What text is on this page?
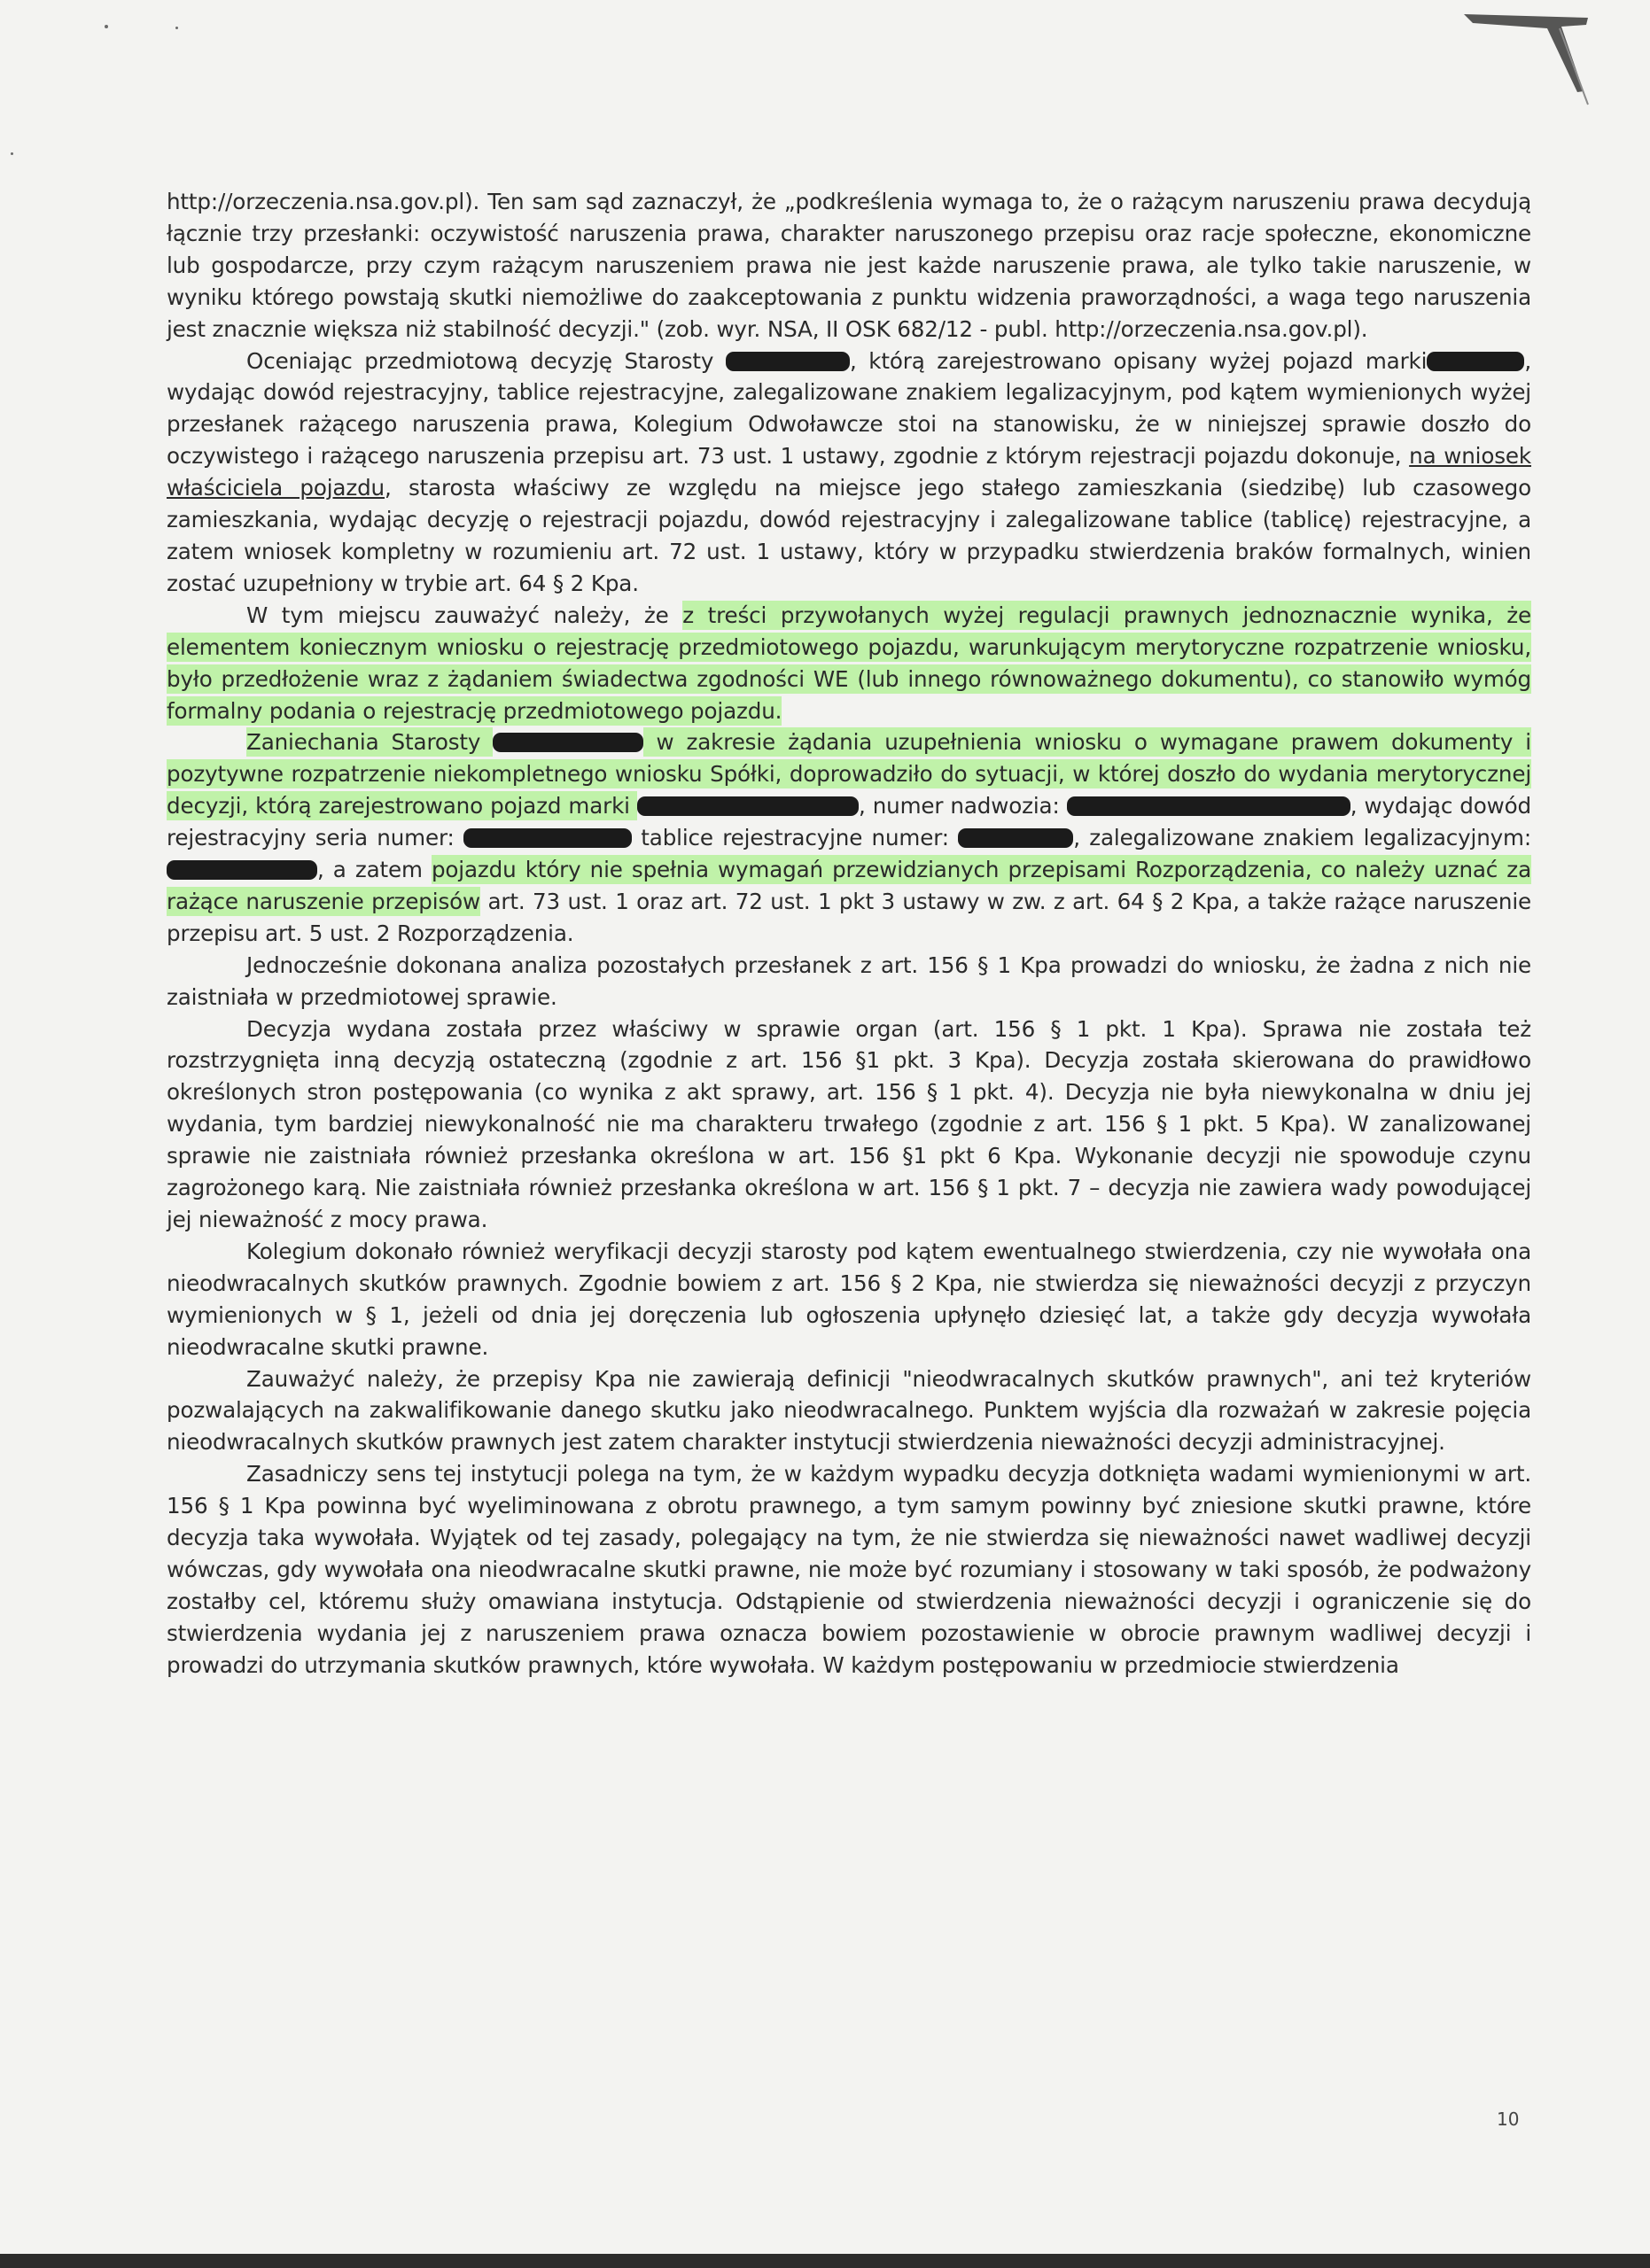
http://orzeczenia.nsa.gov.pl). Ten sam sąd zaznaczył, że „podkreślenia wymaga to, że o rażącym naruszeniu prawa decydują łącznie trzy przesłanki: oczywistość naruszenia prawa, charakter naruszonego przepisu oraz racje społeczne, ekonomiczne lub gospodarcze, przy czym rażącym naruszeniem prawa nie jest każde naruszenie prawa, ale tylko takie naruszenie, w wyniku którego powstają skutki niemożliwe do zaakceptowania z punktu widzenia praworządności, a waga tego naruszenia jest znacznie większa niż stabilność decyzji." (zob. wyr. NSA, II OSK 682/12 - publ. http://orzeczenia.nsa.gov.pl).

Oceniając przedmiotową decyzję Starosty	, którą zarejestrowano opisany wyżej pojazd marki	, wydając dowód rejestracyjny, tablice rejestracyjne, zalegalizowane znakiem legalizacyjnym, pod kątem wymienionych wyżej przesłanek rażącego naruszenia prawa, Kolegium Odwoławcze stoi na stanowisku, że w niniejszej sprawie doszło do oczywistego i rażącego naruszenia przepisu art. 73 ust. 1 ustawy, zgodnie z którym rejestracji pojazdu dokonuje, na wniosek właściciela pojazdu, starosta właściwy ze względu na miejsce jego stałego zamieszkania (siedzibę) lub czasowego zamieszkania, wydając decyzję o rejestracji pojazdu, dowód rejestracyjny i zalegalizowane tablice (tablicę) rejestracyjne, a zatem wniosek kompletny w rozumieniu art. 72 ust. 1 ustawy, który w przypadku stwierdzenia braków formalnych, winien zostać uzupełniony w trybie art. 64 § 2 Kpa.

W tym miejscu zauważyć należy, że z treści przywołanych wyżej regulacji prawnych jednoznacznie wynika, że elementem koniecznym wniosku o rejestrację przedmiotowego pojazdu, warunkującym merytoryczne rozpatrzenie wniosku, było przedłożenie wraz z żądaniem świadectwa zgodności WE (lub innego równoważnego dokumentu), co stanowiło wymóg formalny podania o rejestrację przedmiotowego pojazdu.

Zaniechania Starosty	w zakresie żądania uzupełnienia wniosku o wymagane prawem dokumenty i pozytywne rozpatrzenie niekompletnego wniosku Spółki, doprowadziło do sytuacji, w której doszło do wydania merytorycznej decyzji, którą zarejestrowano pojazd marki	, numer nadwozia:	, wydając dowód rejestracyjny seria numer:	tablice rejestracyjne numer:	, zalegalizowane znakiem legalizacyjnym: , a zatem pojazdu który nie spełnia wymagań przewidzianych przepisami Rozporządzenia, co należy uznać za rażące naruszenie przepisów art. 73 ust. 1 oraz art. 72 ust. 1 pkt 3 ustawy w zw. z art. 64 § 2 Kpa, a także rażące naruszenie przepisu art. 5 ust. 2 Rozporządzenia.

Jednocześnie dokonana analiza pozostałych przesłanek z art. 156 § 1 Kpa prowadzi do wniosku, że żadna z nich nie zaistniała w przedmiotowej sprawie.

Decyzja wydana została przez właściwy w sprawie organ (art. 156 § 1 pkt. 1 Kpa). Sprawa nie została też rozstrzygnięta inną decyzją ostateczną (zgodnie z art. 156 §1 pkt. 3 Kpa). Decyzja została skierowana do prawidłowo określonych stron postępowania (co wynika z akt sprawy, art. 156 § 1 pkt. 4). Decyzja nie była niewykonalna w dniu jej wydania, tym bardziej niewykonalność nie ma charakteru trwałego (zgodnie z art. 156 § 1 pkt. 5 Kpa). W zanalizowanej sprawie nie zaistniała również przesłanka określona w art. 156 §1 pkt 6 Kpa. Wykonanie decyzji nie spowoduje czynu zagrożonego karą. Nie zaistniała również przesłanka określona w art. 156 § 1 pkt. 7 – decyzja nie zawiera wady powodującej jej nieważność z mocy prawa.

Kolegium dokonało również weryfikacji decyzji starosty pod kątem ewentualnego stwierdzenia, czy nie wywołała ona nieodwracalnych skutków prawnych. Zgodnie bowiem z art. 156 § 2 Kpa, nie stwierdza się nieważności decyzji z przyczyn wymienionych w § 1, jeżeli od dnia jej doręczenia lub ogłoszenia upłynęło dziesięć lat, a także gdy decyzja wywołała nieodwracalne skutki prawne.

Zauważyć należy, że przepisy Kpa nie zawierają definicji "nieodwracalnych skutków prawnych", ani też kryteriów pozwalających na zakwalifikowanie danego skutku jako nieodwracalnego. Punktem wyjścia dla rozważań w zakresie pojęcia nieodwracalnych skutków prawnych jest zatem charakter instytucji stwierdzenia nieważności decyzji administracyjnej.

Zasadniczy sens tej instytucji polega na tym, że w każdym wypadku decyzja dotknięta wadami wymienionymi w art. 156 § 1 Kpa powinna być wyeliminowana z obrotu prawnego, a tym samym powinny być zniesione skutki prawne, które decyzja taka wywołała. Wyjątek od tej zasady, polegający na tym, że nie stwierdza się nieważności nawet wadliwej decyzji wówczas, gdy wywołała ona nieodwracalne skutki prawne, nie może być rozumiany i stosowany w taki sposób, że podważony zostałby cel, któremu służy omawiana instytucja. Odstąpienie od stwierdzenia nieważności decyzji i ograniczenie się do stwierdzenia wydania jej z naruszeniem prawa oznacza bowiem pozostawienie w obrocie prawnym wadliwej decyzji i prowadzi do utrzymania skutków prawnych, które wywołała. W każdym postępowaniu w przedmiocie stwierdzenia

10
